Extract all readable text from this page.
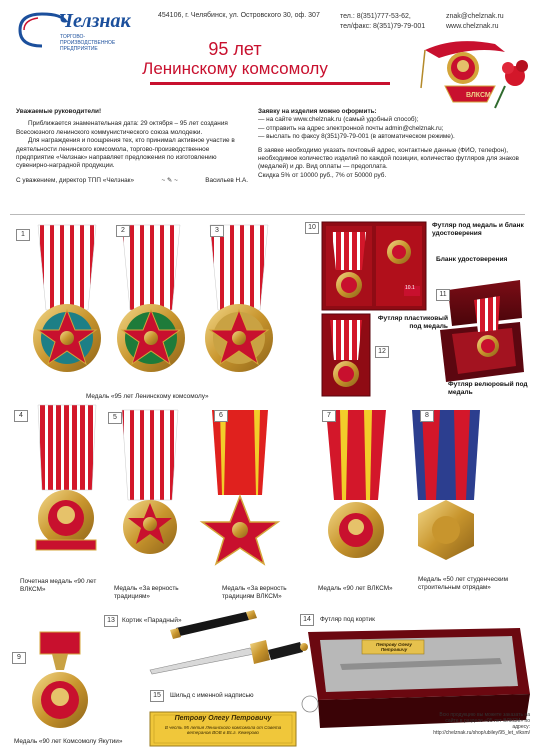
Челзнак
ТОРГОВО-ПРОИЗВОДСТВЕННОЕ ПРЕДПРИЯТИЕ
454106, г. Челябинск, ул. Островского 30, оф. 307	тел.: 8(351)777-53-62,
тел/факс: 8(351)79-79-001
znak@chelznak.ru
www.chelznak.ru
95 лет
Ленинскому комсомолу
ВЛКСМ
Уважаемые руководители!

Приближается знаменательная дата: 29 октября – 95 лет создания Всесоюзного ленинского коммунистического союза молодежи.

Для награждения и поощрения тех, кто принимал активное участие в деятельности ленинского комсомола, торгово-производственное предприятие «Челзнак» направляет предложения по изготовлению сувенирно-наградной продукции.

С уважением, директор ТПП «Челзнак»	~ ✎ ~	Васильев Н.А.
Заявку на изделия можно оформить:
— на сайте www.chelznak.ru (самый удобный способ);
— отправить на адрес электронной почты admin@chelznak.ru;
— выслать по факсу 8(351)79-79-001 (в автоматическом режиме).
В заявке необходимо указать почтовый адрес, контактные данные (ФИО, телефон), необходимое количество изделий по каждой позиции, количество футляров для знаков (медалей) и др. Вид оплаты — предоплата.
Скидка 5% от 10000 руб., 7% от 50000 руб.
1
2	3	10
11
12
4	5	6	7	8
9
13	14
15
Медаль «95 лет Ленинскому комсомолу»
Футляр под медаль и бланк удостоверения
Бланк удостоверения
Футляр пластиковый под медаль
Футляр велюровый под медаль
Почетная медаль «90 лет ВЛКСМ»	Медаль «За верность традициям»
Медаль «За верность традициям ВЛКСМ»
Медаль «90 лет ВЛКСМ»
Медаль «50 лет студенческим строительным отрядам»
Кортик «Парадный»	Футляр под кортик
Шильд с именной надписью
Медаль «90 лет Комсомолу Якутии»
Петрову Олегу Петровичу
В честь 95 летия Ленинского комсомола от Совета ветеранов ВОВ в Вс.г. Кемерово
Петрову Олегу Петровичу
10.1
Всю продукцию вы можете заказать на сайте в разделе «95 лет ВЛКСМ» по адресу:
http://chelznak.ru/shop/ubiley/95_let_vlksm/
